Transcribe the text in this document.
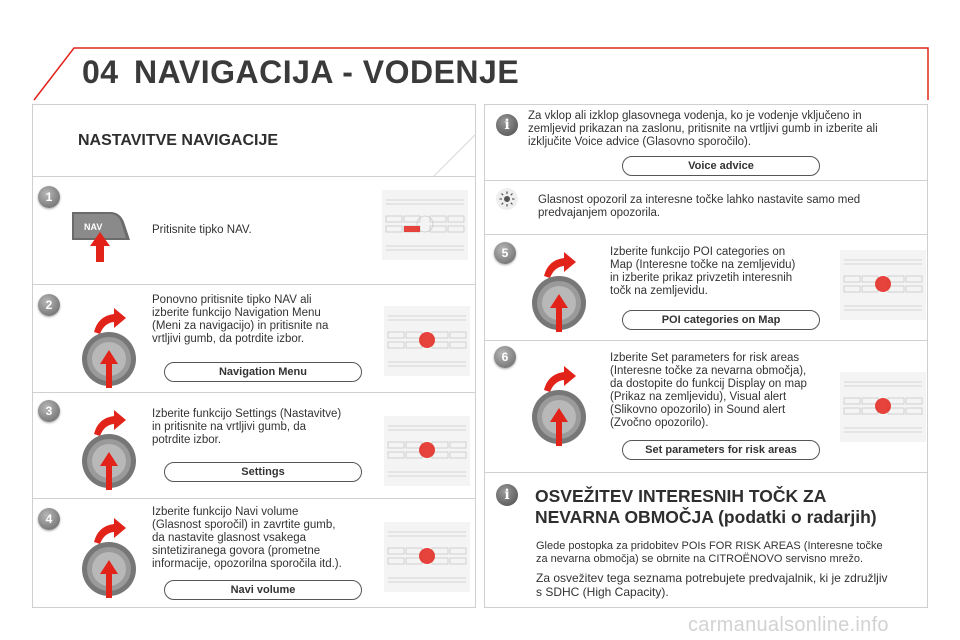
04 NAVIGACIJA - VODENJE
NASTAVITVE NAVIGACIJE
1
NAV	Pritisnite tipko NAV.
2	Ponovno pritisnite tipko NAV ali
izberite funkcijo Navigation Menu
(Meni za navigacijo) in pritisnite na
vrtljivi gumb, da potrdite izbor.
Navigation Menu
3	Izberite funkcijo Settings (Nastavitve)
in pritisnite na vrtljivi gumb, da
potrdite izbor.
Settings
4	Izberite funkcijo Navi volume
(Glasnost sporočil) in zavrtite gumb,
da nastavite glasnost vsakega
sintetiziranega govora (prometne
informacije, opozorilna sporočila itd.).
Navi volume
i
Za vklop ali izklop glasovnega vodenja, ko je vodenje vključeno in
zemljevid prikazan na zaslonu, pritisnite na vrtljivi gumb in izberite ali
izključite Voice advice (Glasovno sporočilo).
Voice advice
Glasnost opozoril za interesne točke lahko nastavite samo med
predvajanjem opozorila.
5	Izberite funkcijo POI categories on
Map (Interesne točke na zemljevidu)
in izberite prikaz privzetih interesnih
točk na zemljevidu.
POI categories on Map
6	Izberite Set parameters for risk areas
(Interesne točke za nevarna območja),
da dostopite do funkcij Display on map
(Prikaz na zemljevidu), Visual alert
(Slikovno opozorilo) in Sound alert
(Zvočno opozorilo).
Set parameters for risk areas
i	OSVEŽITEV INTERESNIH TOČK ZA
NEVARNA OBMOČJA (podatki o radarjih)
Glede postopka za pridobitev POIs FOR RISK AREAS (Interesne točke
za nevarna območja) se obrnite na CITROËNOVO servisno mrežo.
Za osvežitev tega seznama potrebujete predvajalnik, ki je združljiv
s SDHC (High Capacity).
carmanualsonline.info
